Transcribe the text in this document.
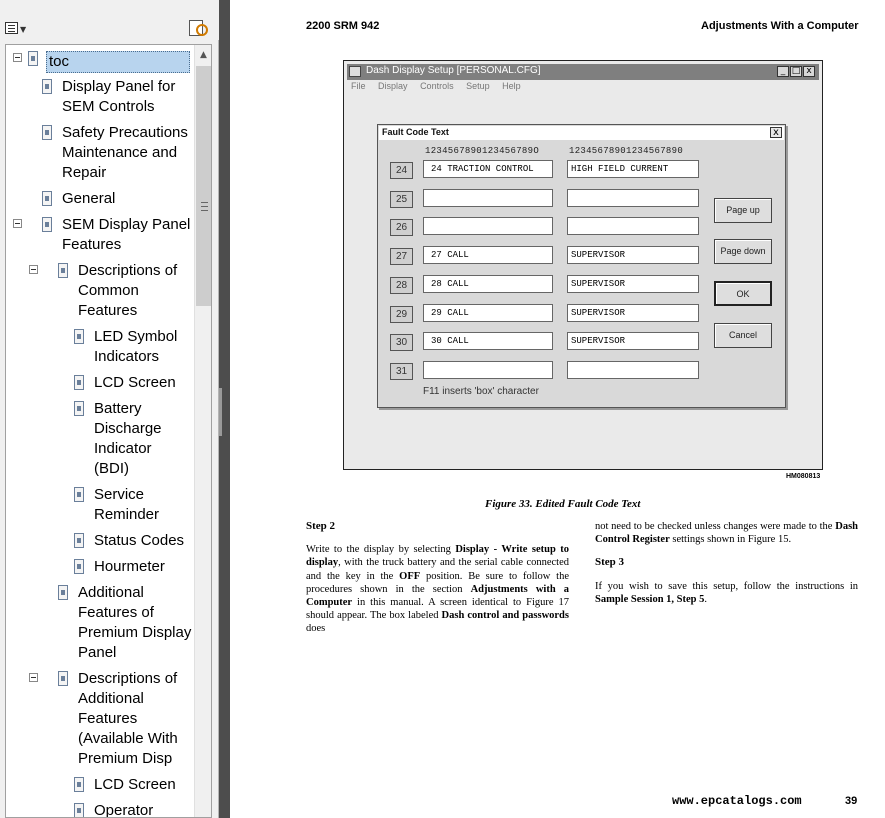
▼
toc
Display Panel for
SEM Controls
Safety Precautions
Maintenance and
Repair
General
SEM Display Panel
Features
Descriptions of
Common
Features
LED Symbol
Indicators
LCD Screen
Battery
Discharge
Indicator
(BDI)
Service
Reminder
Status Codes
Hourmeter
Additional
Features of
Premium Display
Panel
Descriptions of
Additional
Features
(Available With
Premium Disp
LCD Screen
Operator
▲
2200 SRM 942	Adjustments With a Computer
Dash Display Setup [PERSONAL.CFG]	_ □ x
File Display Controls Setup Help
Fault Code Text	x
1234567890123456789O	12345678901234567890
24	24 TRACTION CONTROL	HIGH FIELD CURRENT
25
26
27	27 CALL	SUPERVISOR
28	28 CALL	SUPERVISOR
29	29 CALL	SUPERVISOR
30	30 CALL	SUPERVISOR
31
Page up
Page down
OK
Cancel
F11 inserts 'box' character
HM080813
Figure 33. Edited Fault Code Text
Step 2

Write to the display by selecting Display - Write setup to display, with the truck battery and the serial cable connected and the key in the OFF position. Be sure to follow the procedures shown in the section Adjustments with a Computer in this manual. A screen identical to Figure 17 should appear. The box labeled Dash control and passwords does

not need to be checked unless changes were made to the Dash Control Register settings shown in Figure 15.

Step 3

If you wish to save this setup, follow the instructions in Sample Session 1, Step 5.

www.epcatalogs.com	39
